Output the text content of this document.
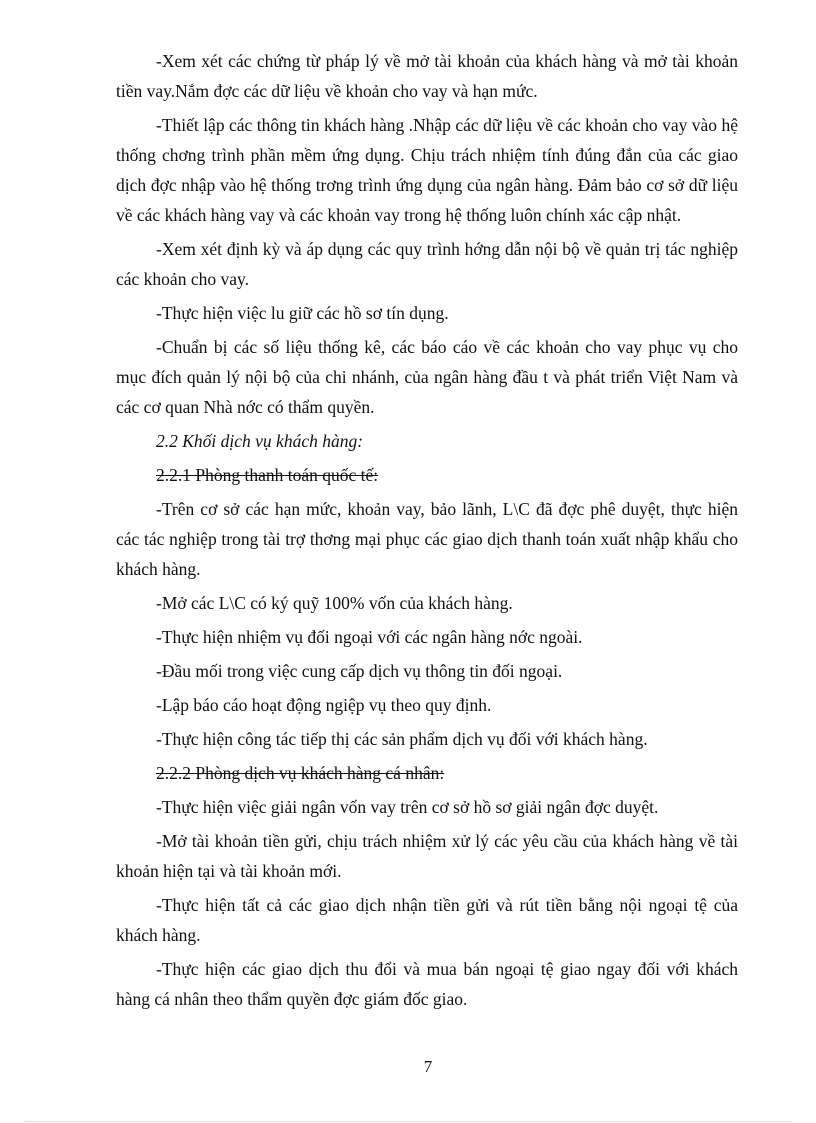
-Xem xét các chứng từ pháp lý về mở tài khoản của khách hàng và mở tài khoản tiền vay.Nắm đợc các dữ liệu về khoản cho vay và hạn mức.

-Thiết lập các thông tin khách hàng .Nhập các dữ liệu về các khoản cho vay vào hệ thống chơng trình phần mềm ứng dụng. Chịu trách nhiệm tính đúng đắn của các giao dịch đợc nhập vào hệ thống trơng trình ứng dụng của ngân hàng. Đảm bảo cơ sở dữ liệu về các khách hàng vay và các khoản vay trong hệ thống luôn chính xác cập nhật.

-Xem xét định kỳ và áp dụng các quy trình hớng dẫn nội bộ về quản trị tác nghiệp các khoản cho vay.

-Thực hiện việc lu giữ các hồ sơ tín dụng.

-Chuẩn bị các số liệu thống kê, các báo cáo về các khoản cho vay phục vụ cho mục đích quản lý nội bộ của chi nhánh, của ngân hàng đầu t và phát triển Việt Nam và các cơ quan Nhà nớc có thẩm quyền.

2.2 Khối dịch vụ khách hàng:

2.2.1 Phòng thanh toán quốc tế:

-Trên cơ sở các hạn mức, khoản vay, bảo lãnh, L\C đã đợc phê duyệt, thực hiện các tác nghiệp trong tài trợ thơng mại phục các giao dịch thanh toán xuất nhập khẩu cho khách hàng.

-Mở các L\C có ký quỹ 100% vốn của khách hàng.

-Thực hiện nhiệm vụ đối ngoại với các ngân hàng nớc ngoài.

-Đầu mối trong việc cung cấp dịch vụ thông tin đối ngoại.

-Lập báo cáo hoạt động ngiệp vụ theo quy định.

-Thực hiện công tác tiếp thị các sản phẩm dịch vụ đối với khách hàng.

2.2.2 Phòng dịch vụ khách hàng cá nhân:

-Thực hiện việc giải ngân vốn vay trên cơ sở hồ sơ giải ngân đợc duyệt.

-Mở tài khoản tiền gửi, chịu trách nhiệm xử lý các yêu cầu của khách hàng về tài khoản hiện tại và tài khoản mới.

-Thực hiện tất cả các giao dịch nhận tiền gửi và rút tiền bằng nội ngoại tệ của khách hàng.

-Thực hiện các giao dịch thu đổi và mua bán ngoại tệ giao ngay đối với khách hàng cá nhân theo thẩm quyền đợc giám đốc giao.

7
